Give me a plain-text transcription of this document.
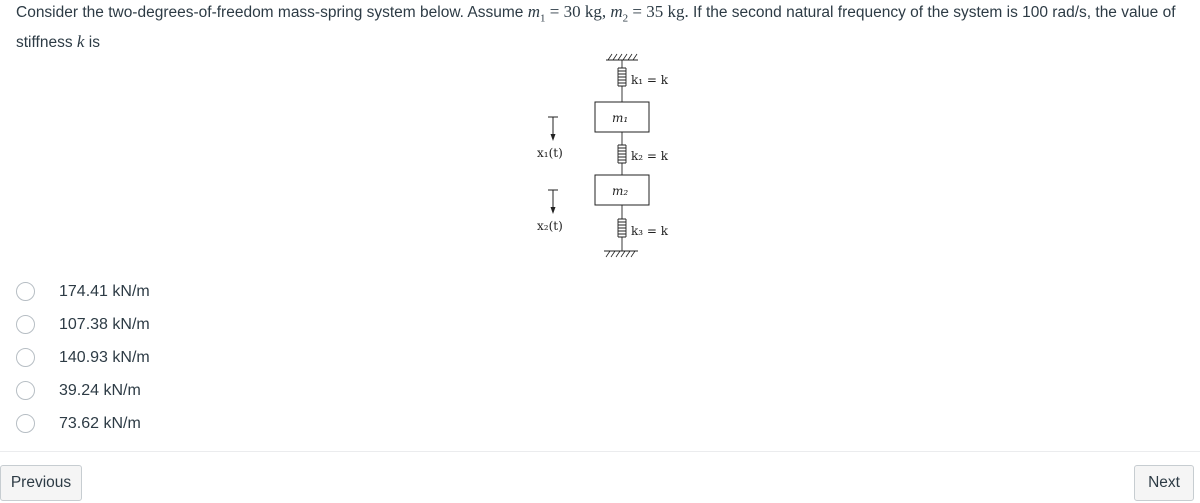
Consider the two-degrees-of-freedom mass-spring system below. Assume $m_1 = 30$ kg, $m_2 = 35$ kg. If the second natural frequency of the system is 100 rad/s, the value of stiffness k is
k₁ = k
m₁
k₂ = k
m₂
k₃ = k
x₁(t)
x₂(t)
174.41 kN/m
107.38 kN/m
140.93 kN/m
39.24 kN/m
73.62 kN/m
Previous	Next
